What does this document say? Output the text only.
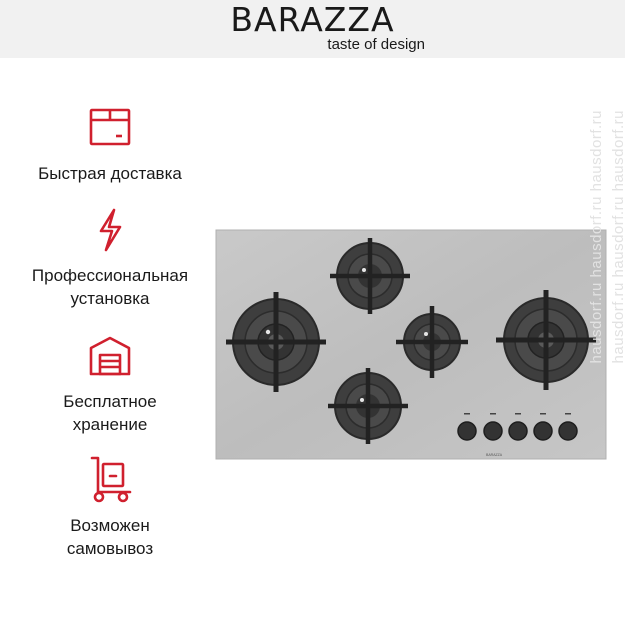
BARAZZA
taste of design
Быстрая доставка
Профессиональная
установка
Бесплатное
хранение
Возможен
самовывоз
BARAZZA
hausdorf.ru hausdorf.ru hausdorf.ru hausdorf.ru hausdorf.ru hausdorf.ru
